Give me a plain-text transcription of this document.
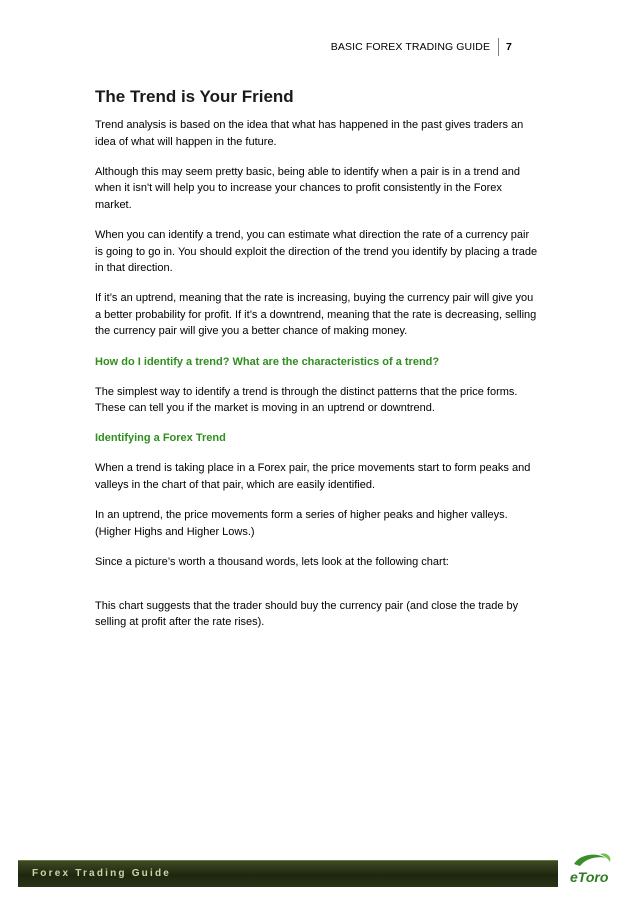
BASIC FOREX TRADING GUIDE	7
The Trend is Your Friend
Trend analysis is based on the idea that what has happened in the past gives traders an idea of what will happen in the future.
Although this may seem pretty basic, being able to identify when a pair is in a trend and when it isn't will help you to increase your chances to profit consistently in the Forex market.
When you can identify a trend, you can estimate what direction the rate of a currency pair is going to go in. You should exploit the direction of the trend you identify by placing a trade in that direction.
If it’s an uptrend, meaning that the rate is increasing, buying the currency pair will give you a better probability for profit. If it’s a downtrend, meaning that the rate is decreasing, selling the currency pair will give you a better chance of making money.
How do I identify a trend? What are the characteristics of a trend?
The simplest way to identify a trend is through the distinct patterns that the price forms. These can tell you if the market is moving in an uptrend or downtrend.
Identifying a Forex Trend
When a trend is taking place in a Forex pair, the price movements start to form peaks and valleys in the chart of that pair, which are easily identified.
In an uptrend, the price movements form a series of higher peaks and higher valleys.
(Higher Highs and Higher Lows.)
Since a picture’s worth a thousand words, lets look at the following chart:
This chart suggests that the trader should buy the currency pair (and close the trade by selling at profit after the rate rises).
Forex Trading Guide	eToro
